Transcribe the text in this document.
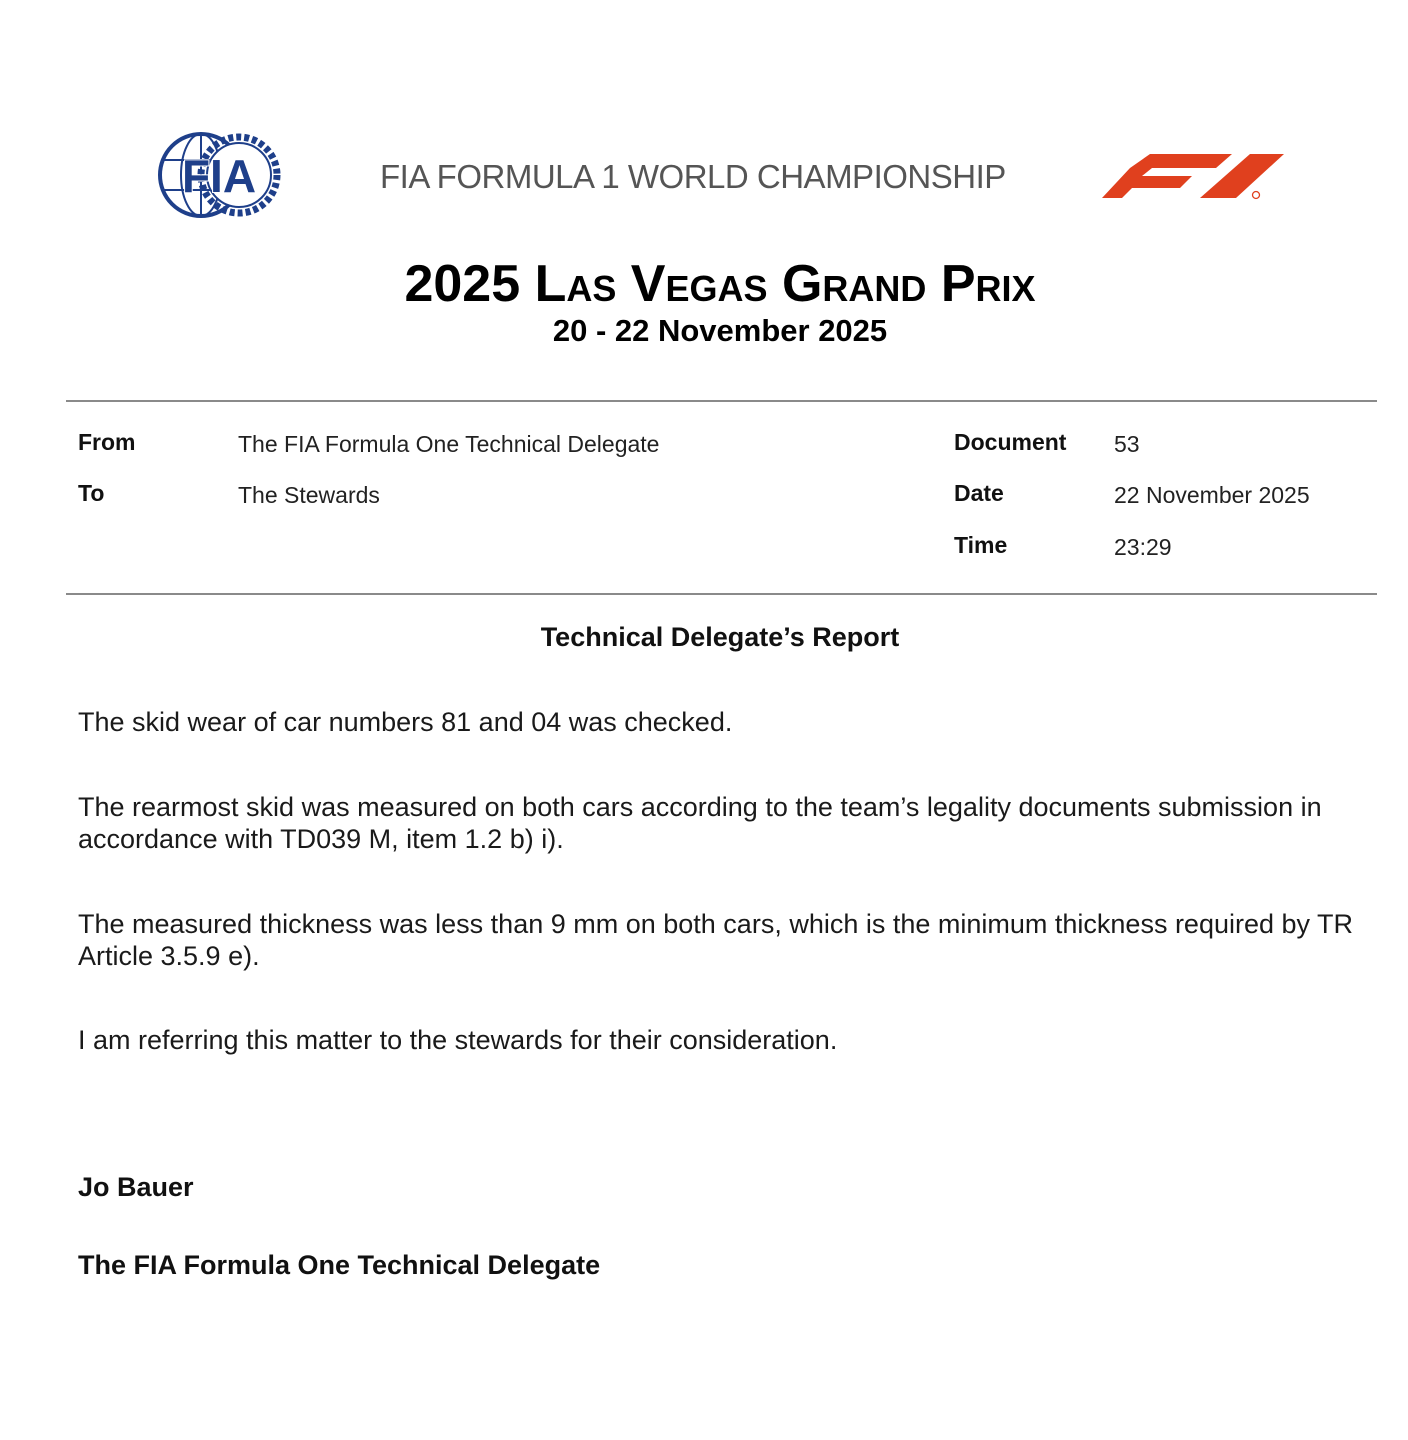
FIA	FIA FORMULA 1 WORLD CHAMPIONSHIP
2025 Las Vegas Grand Prix
20 - 22 November 2025
From	The FIA Formula One Technical Delegate
To	The Stewards
Document 53
Date	22 November 2025
Time	23:29
Technical Delegate’s Report
The skid wear of car numbers 81 and 04 was checked.
The rearmost skid was measured on both cars according to the team’s legality documents submission in accordance with TD039 M, item 1.2 b) i).
The measured thickness was less than 9 mm on both cars, which is the minimum thickness required by TR Article 3.5.9 e).
I am referring this matter to the stewards for their consideration.
Jo Bauer
The FIA Formula One Technical Delegate
